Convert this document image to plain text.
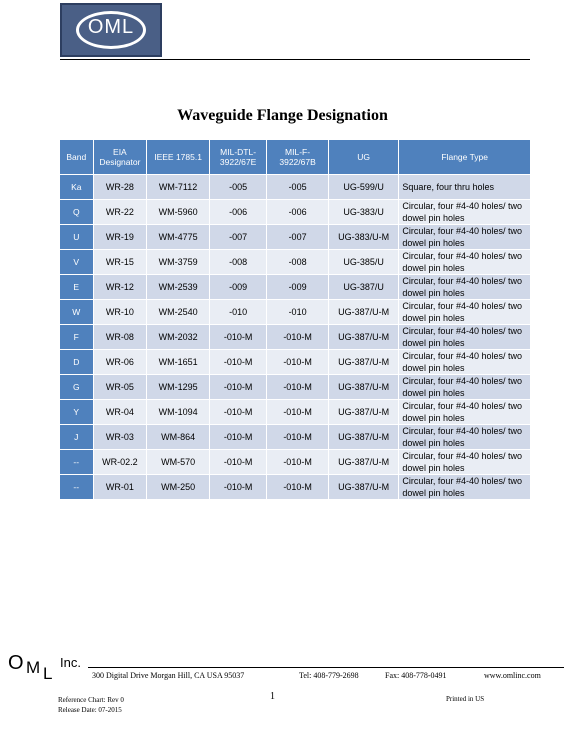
OML
Waveguide Flange Designation
Band	EIA Designator	IEEE 1785.1	MIL-DTL-3922/67E	MIL-F-3922/67B	UG	Flange Type
Ka	WR-28	WM-7112	-005	-005	UG-599/U	Square, four thru holes
Q	WR-22	WM-5960	-006	-006	UG-383/U	Circular, four #4-40 holes/ two dowel pin holes
U	WR-19	WM-4775	-007	-007	UG-383/U-M	Circular, four #4-40 holes/ two dowel pin holes
V	WR-15	WM-3759	-008	-008	UG-385/U	Circular, four #4-40 holes/ two dowel pin holes
E	WR-12	WM-2539	-009	-009	UG-387/U	Circular, four #4-40 holes/ two dowel pin holes
W	WR-10	WM-2540	-010	-010	UG-387/U-M	Circular, four #4-40 holes/ two dowel pin holes
F	WR-08	WM-2032	-010-M	-010-M	UG-387/U-M	Circular, four #4-40 holes/ two dowel pin holes
D	WR-06	WM-1651	-010-M	-010-M	UG-387/U-M	Circular, four #4-40 holes/ two dowel pin holes
G	WR-05	WM-1295	-010-M	-010-M	UG-387/U-M	Circular, four #4-40 holes/ two dowel pin holes
Y	WR-04	WM-1094	-010-M	-010-M	UG-387/U-M	Circular, four #4-40 holes/ two dowel pin holes
J	WR-03	WM-864	-010-M	-010-M	UG-387/U-M	Circular, four #4-40 holes/ two dowel pin holes
--	WR-02.2	WM-570	-010-M	-010-M	UG-387/U-M	Circular, four #4-40 holes/ two dowel pin holes
--	WR-01	WM-250	-010-M	-010-M	UG-387/U-M	Circular, four #4-40 holes/ two dowel pin holes
O M L
Inc.
300 Digital Drive Morgan Hill, CA USA 95037	Tel: 408-779-2698	Fax: 408-778-0491	www.omlinc.com
Reference Chart: Rev 0
Release Date: 07-2015
1	Printed in US
